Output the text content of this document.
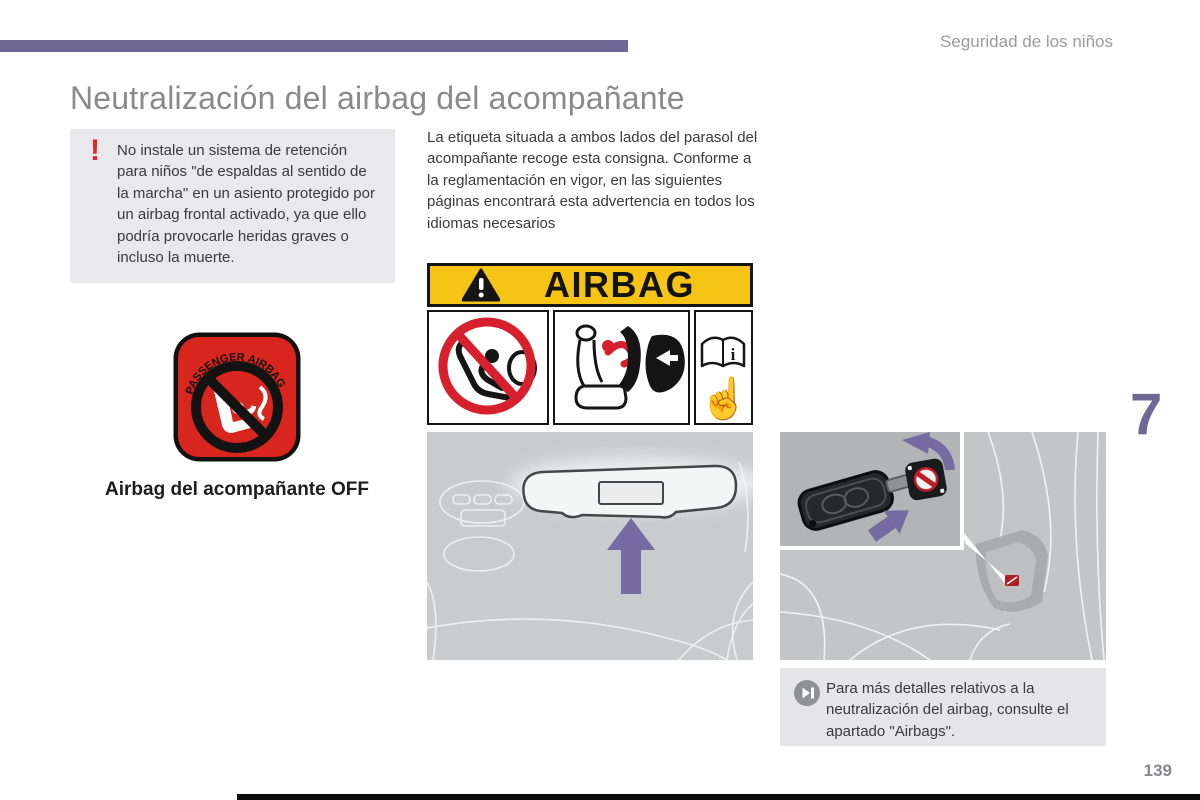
Seguridad de los niños
Neutralización del airbag del acompañante
! No instale un sistema de retención para niños "de espaldas al sentido de la marcha" en un asiento protegido por un airbag frontal activado, ya que ello podría provocarle heridas graves o incluso la muerte.

La etiqueta situada a ambos lados del parasol del acompañante recoge esta consigna. Conforme a la reglamentación en vigor, en las siguientes páginas encontrará esta advertencia en todos los idiomas necesarios

PASSENGER AIRBAG
Airbag del acompañante OFF
AIRBAG
i
☝

Para más detalles relativos a la neutralización del airbag, consulte el apartado "Airbags".

7
139
